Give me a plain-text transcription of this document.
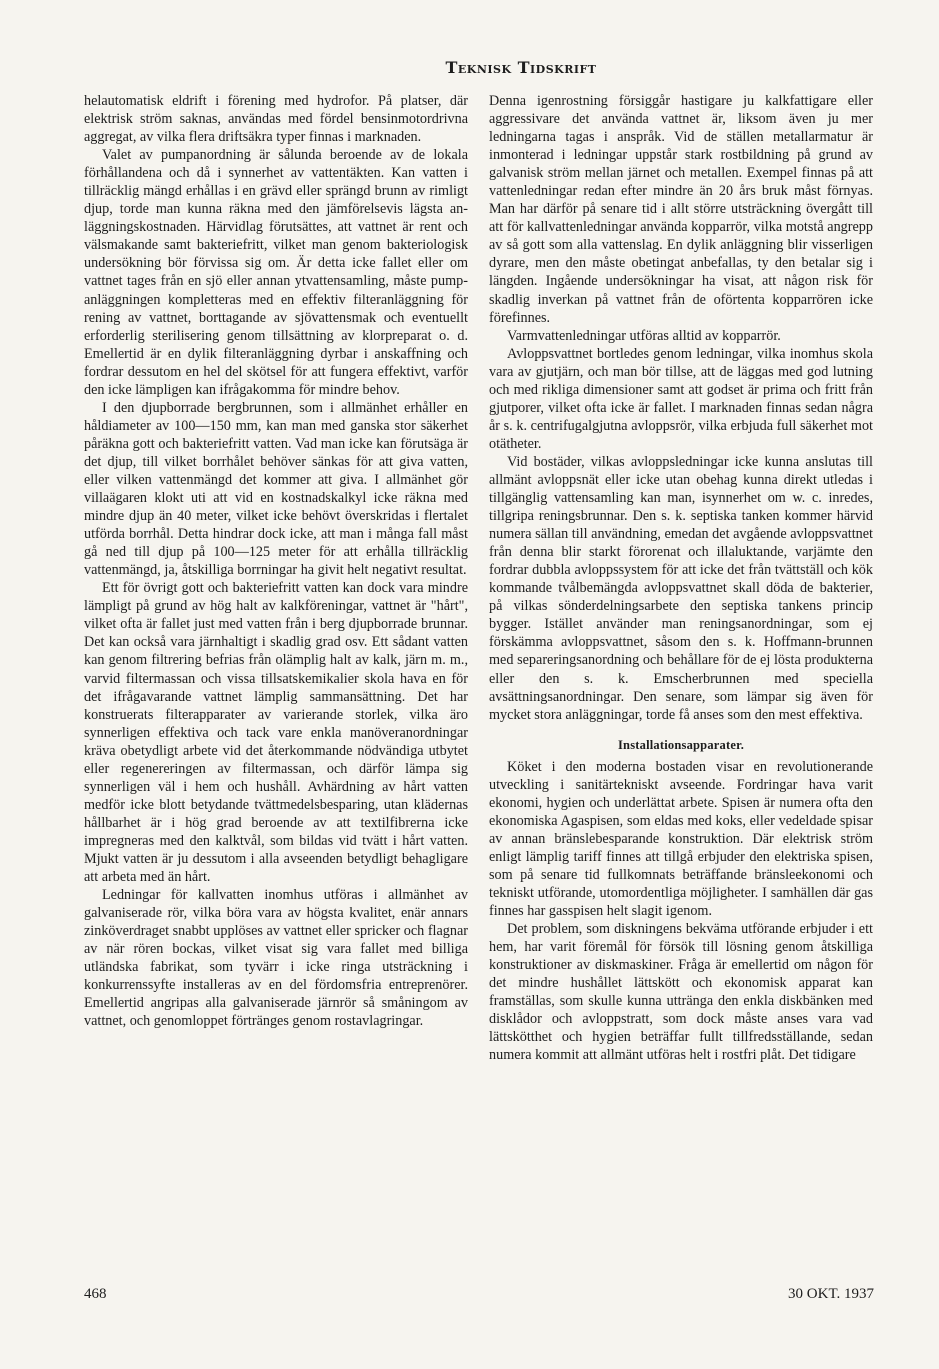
Teknisk Tidskrift

helautomatisk eldrift i förening med hydrofor. På platser, där elektrisk ström saknas, användas med fördel bensinmotordrivna aggregat, av vilka flera driftsäkra typer finnas i marknaden.

Valet av pumpanordning är sålunda beroende av de lokala förhållandena och då i synnerhet av vattentäkten. Kan vatten i tillräcklig mängd erhållas i en grävd eller sprängd brunn av rimligt djup, torde man kunna räkna med den jämförelsevis lägsta anläggningskostnaden. Härvidlag förutsättes, att vattnet är rent och välsmakande samt bakteriefritt, vilket man genom bakteriologisk undersökning bör förvissa sig om. Är detta icke fallet eller om vattnet tages från en sjö eller annan ytvattensamling, måste pumpanläggningen kompletteras med en effektiv filteranläggning för rening av vattnet, borttagande av sjövattensmak och eventuellt erforderlig sterilisering genom tillsättning av klorpreparat o. d. Emellertid är en dylik filteranläggning dyrbar i anskaffning och fordrar dessutom en hel del skötsel för att fungera effektivt, varför den icke lämpligen kan ifrågakomma för mindre behov.

I den djupborrade bergbrunnen, som i allmänhet erhåller en håldiameter av 100—150 mm, kan man med ganska stor säkerhet påräkna gott och bakteriefritt vatten. Vad man icke kan förutsäga är det djup, till vilket borrhålet behöver sänkas för att giva vatten, eller vilken vattenmängd det kommer att giva. I allmänhet gör villaägaren klokt uti att vid en kostnadskalkyl icke räkna med mindre djup än 40 meter, vilket icke behövt överskridas i flertalet utförda borrhål. Detta hindrar dock icke, att man i många fall måst gå ned till djup på 100—125 meter för att erhålla tillräcklig vattenmängd, ja, åtskilliga borrningar ha givit helt negativt resultat.

Ett för övrigt gott och bakteriefritt vatten kan dock vara mindre lämpligt på grund av hög halt av kalkföreningar, vattnet är "hårt", vilket ofta är fallet just med vatten från i berg djupborrade brunnar. Det kan också vara järnhaltigt i skadlig grad osv. Ett sådant vatten kan genom filtrering befrias från olämplig halt av kalk, järn m. m., varvid filtermassan och vissa tillsatskemikalier skola hava en för det ifrågavarande vattnet lämplig sammansättning. Det har konstruerats filterapparater av varierande storlek, vilka äro synnerligen effektiva och tack vare enkla manöveranordningar kräva obetydligt arbete vid det återkommande nödvändiga utbytet eller regenereringen av filtermassan, och därför lämpa sig synnerligen väl i hem och hushåll. Avhärdning av hårt vatten medför icke blott betydande tvättmedelsbesparing, utan klädernas hållbarhet är i hög grad beroende av att textilfibrerna icke impregneras med den kalktvål, som bildas vid tvätt i hårt vatten. Mjukt vatten är ju dessutom i alla avseenden betydligt behagligare att arbeta med än hårt.

Ledningar för kallvatten inomhus utföras i allmänhet av galvaniserade rör, vilka böra vara av högsta kvalitet, enär annars zinköverdraget snabbt upplöses av vattnet eller spricker och flagnar av när rören bockas, vilket visat sig vara fallet med billiga utländska fabrikat, som tyvärr i icke ringa utsträckning i konkurrenssyfte installeras av en del fördomsfria entreprenörer. Emellertid angripas alla galvaniserade järnrör så småningom av vattnet, och genomloppet förtränges genom rostavlagringar.

Denna igenrostning försiggår hastigare ju kalkfattigare eller aggressivare det använda vattnet är, liksom även ju mer ledningarna tagas i anspråk. Vid de ställen metallarmatur är inmonterad i ledningar uppstår stark rostbildning på grund av galvanisk ström mellan järnet och metallen. Exempel finnas på att vattenledningar redan efter mindre än 20 års bruk måst förnyas. Man har därför på senare tid i allt större utsträckning övergått till att för kallvattenledningar använda kopparrör, vilka motstå angrepp av så gott som alla vattenslag. En dylik anläggning blir visserligen dyrare, men den måste obetingat anbefallas, ty den betalar sig i längden. Ingående undersökningar ha visat, att någon risk för skadlig inverkan på vattnet från de oförtenta kopparrören icke förefinnes.

Varmvattenledningar utföras alltid av kopparrör.

Avloppsvattnet bortledes genom ledningar, vilka inomhus skola vara av gjutjärn, och man bör tillse, att de läggas med god lutning och med rikliga dimensioner samt att godset är prima och fritt från gjutporer, vilket ofta icke är fallet. I marknaden finnas sedan några år s. k. centrifugalgjutna avloppsrör, vilka erbjuda full säkerhet mot otätheter.

Vid bostäder, vilkas avloppsledningar icke kunna anslutas till allmänt avloppsnät eller icke utan obehag kunna direkt utledas i tillgänglig vattensamling kan man, isynnerhet om w. c. inredes, tillgripa reningsbrunnar. Den s. k. septiska tanken kommer härvid numera sällan till användning, emedan det avgående avloppsvattnet från denna blir starkt förorenat och illaluktande, varjämte den fordrar dubbla avloppssystem för att icke det från tvättställ och kök kommande tvålbemängda avloppsvattnet skall döda de bakterier, på vilkas sönderdelningsarbete den septiska tankens princip bygger. Istället använder man reningsanordningar, som ej förskämma avloppsvattnet, såsom den s. k. Hoffmann-brunnen med separeringsanordning och behållare för de ej lösta produkterna eller den s. k. Emscherbrunnen med speciella avsättningsanordningar. Den senare, som lämpar sig även för mycket stora anläggningar, torde få anses som den mest effektiva.

Installationsapparater.

Köket i den moderna bostaden visar en revolutionerande utveckling i sanitärtekniskt avseende. Fordringar hava varit ekonomi, hygien och underlättat arbete. Spisen är numera ofta den ekonomiska Agaspisen, som eldas med koks, eller vedeldade spisar av annan bränslebesparande konstruktion. Där elektrisk ström enligt lämplig tariff finnes att tillgå erbjuder den elektriska spisen, som på senare tid fullkomnats beträffande bränsleekonomi och tekniskt utförande, utomordentliga möjligheter. I samhällen där gas finnes har gasspisen helt slagit igenom.

Det problem, som diskningens bekväma utförande erbjuder i ett hem, har varit föremål för försök till lösning genom åtskilliga konstruktioner av diskmaskiner. Fråga är emellertid om någon för det mindre hushållet lättskött och ekonomisk apparat kan framställas, som skulle kunna uttränga den enkla diskbänken med disklådor och avloppstratt, som dock måste anses vara vad lättskötthet och hygien beträffar fullt tillfredsställande, sedan numera kommit att allmänt utföras helt i rostfri plåt. Det tidigare

468	30 OKT. 1937
